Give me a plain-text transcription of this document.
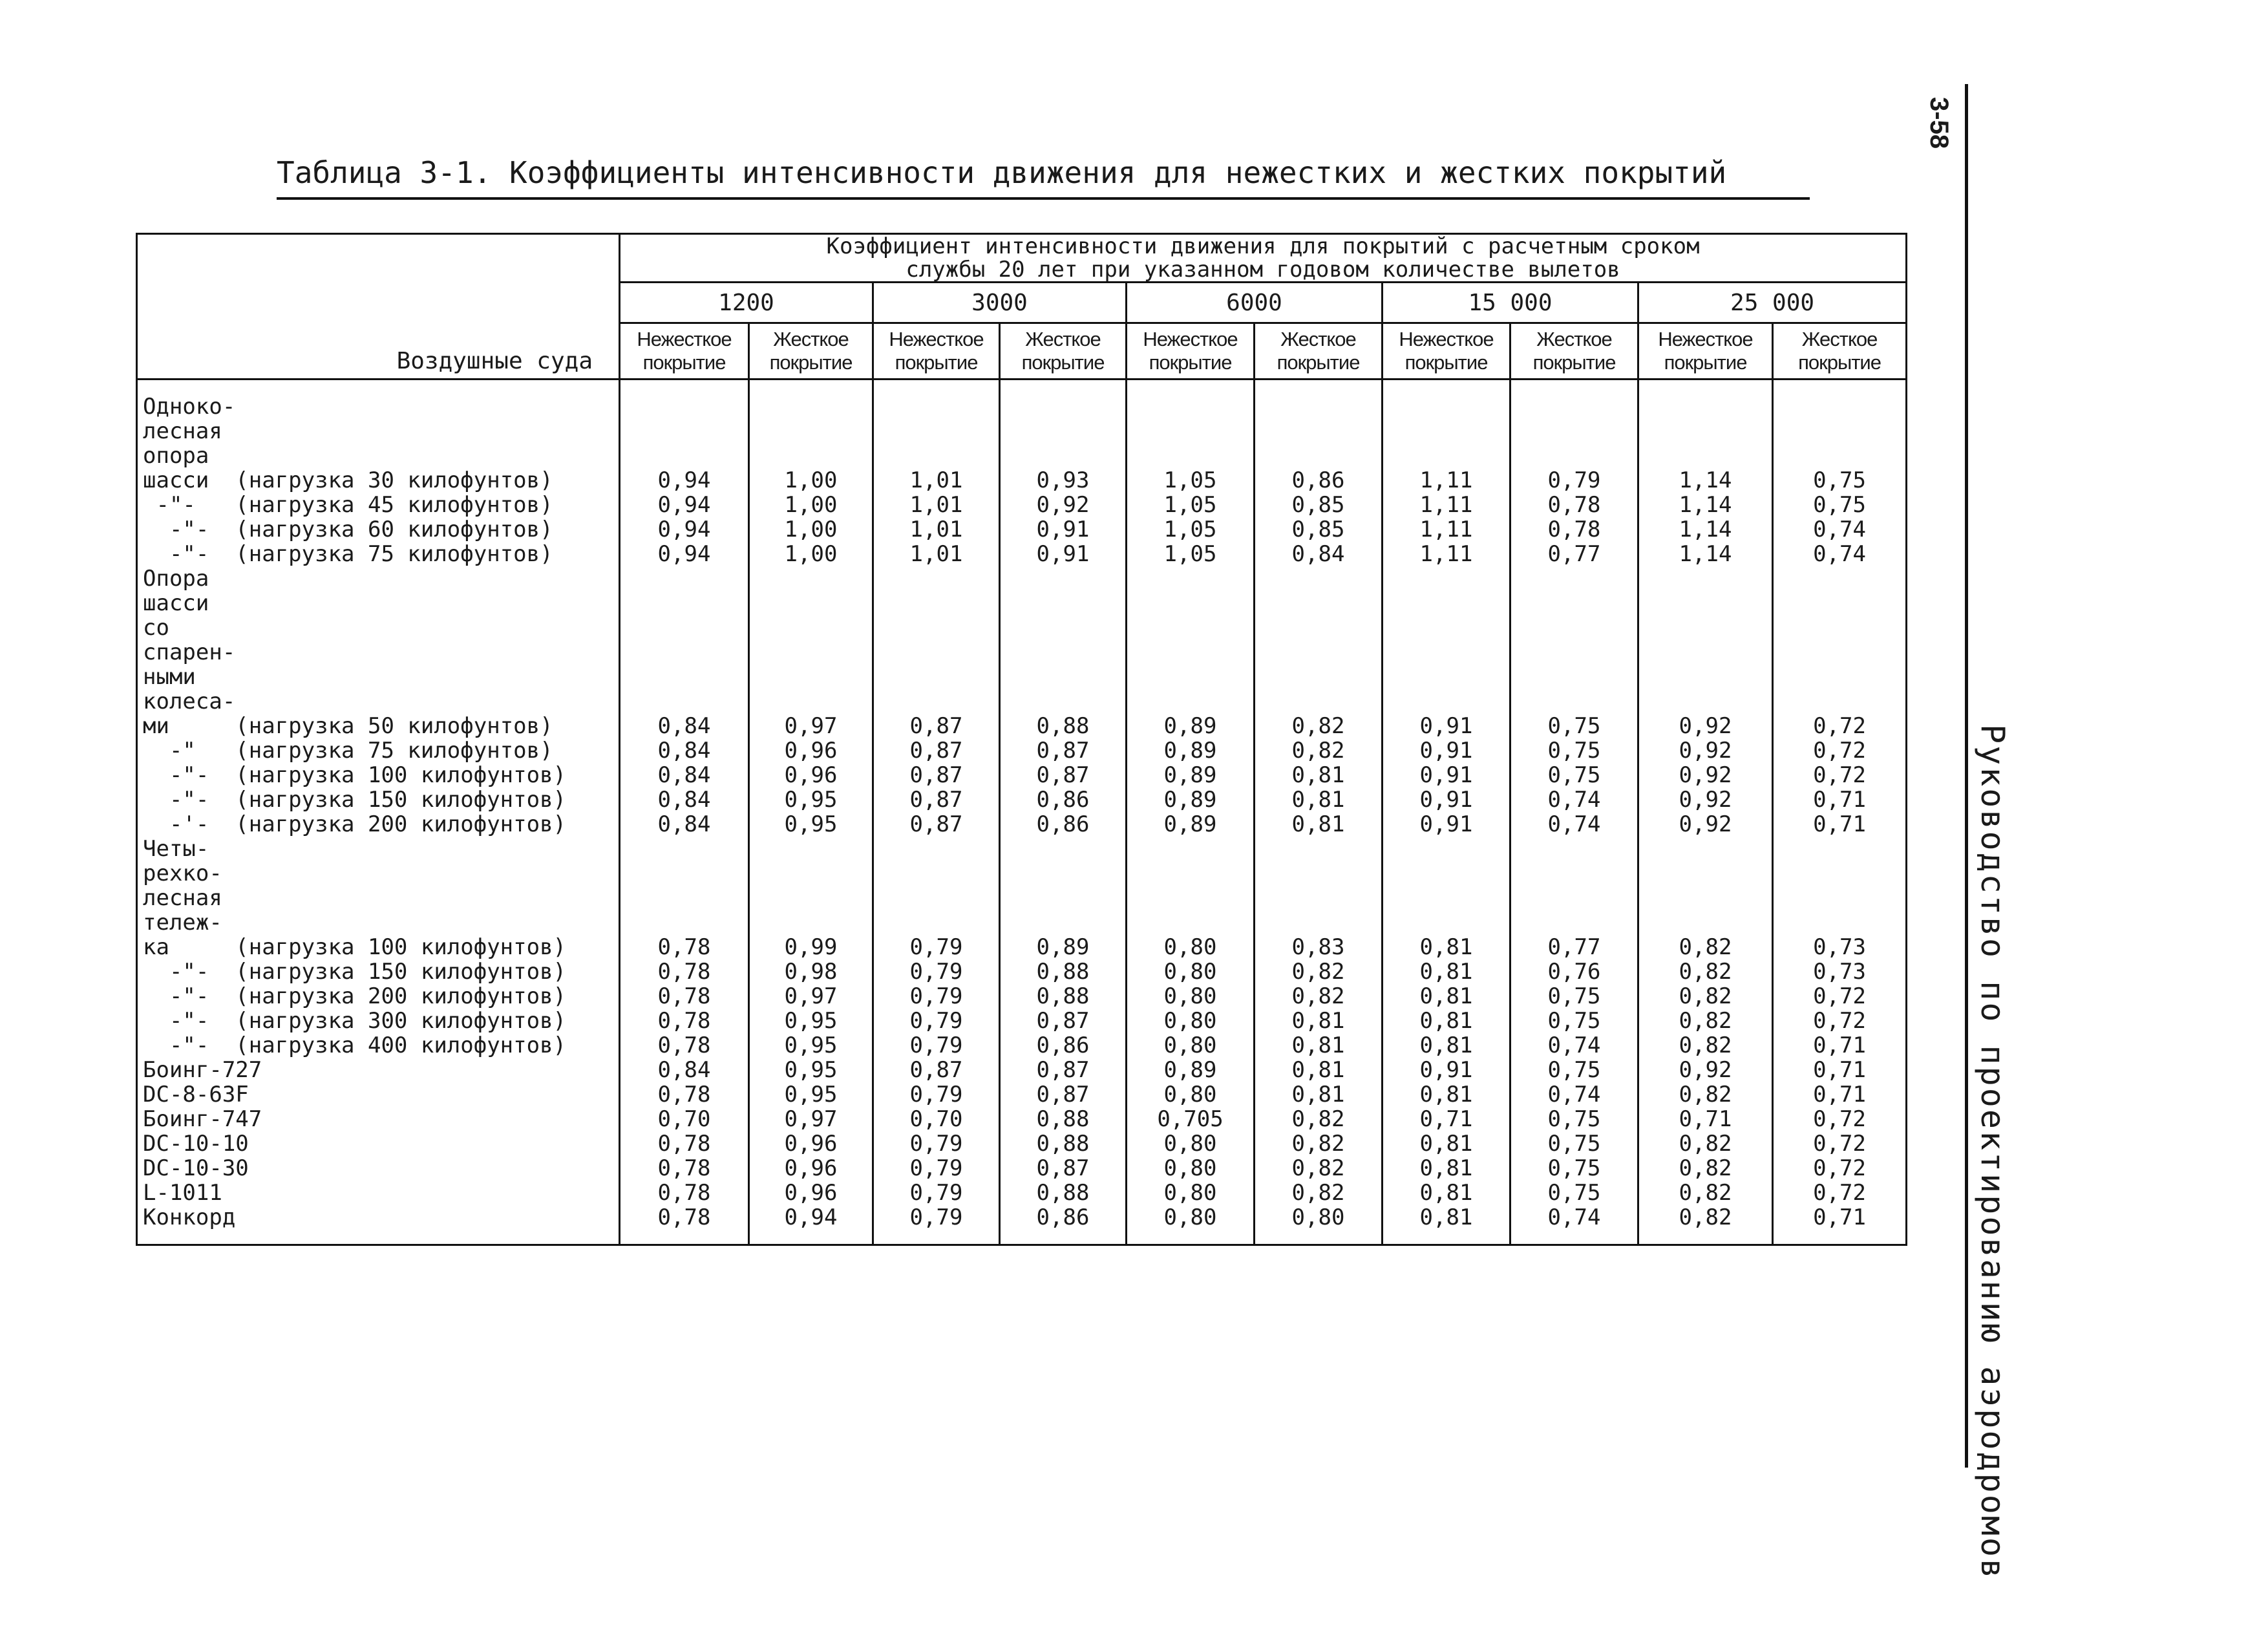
3-58
Руководство по проектированию аэродромов
Таблица 3-1. Коэффициенты интенсивности движения для нежестких и жестких покрытий
Воздушные суда	Коэффициент интенсивности движения для покрытий с расчетным сроком
службы 20 лет при указанном годовом количестве вылетов									

	1200		3000		6000		15 000		25 000	
	Нежесткое покрытие	Жесткое покрытие	Нежесткое покрытие	Жесткое покрытие	Нежесткое покрытие	Жесткое покрытие	Нежесткое покрытие	Жесткое покрытие	Нежесткое покрытие	Жесткое покрытие

Одноко-										
лесная										
опора										
шасси  (нагрузка 30 килофунтов)	0,94	1,00	1,01	0,93	1,05	0,86	1,11	0,79	1,14	0,75
-"-   (нагрузка 45 килофунтов)	0,94	1,00	1,01	0,92	1,05	0,85	1,11	0,78	1,14	0,75
-"-  (нагрузка 60 килофунтов)	0,94	1,00	1,01	0,91	1,05	0,85	1,11	0,78	1,14	0,74
-"-  (нагрузка 75 килофунтов)	0,94	1,00	1,01	0,91	1,05	0,84	1,11	0,77	1,14	0,74
Опора										
шасси										
со										
спарен-										
ными										
колеса-										
ми     (нагрузка 50 килофунтов)	0,84	0,97	0,87	0,88	0,89	0,82	0,91	0,75	0,92	0,72
-"   (нагрузка 75 килофунтов)	0,84	0,96	0,87	0,87	0,89	0,82	0,91	0,75	0,92	0,72
-"-  (нагрузка 100 килофунтов)	0,84	0,96	0,87	0,87	0,89	0,81	0,91	0,75	0,92	0,72
-"-  (нагрузка 150 килофунтов)	0,84	0,95	0,87	0,86	0,89	0,81	0,91	0,74	0,92	0,71
-'-  (нагрузка 200 килофунтов)	0,84	0,95	0,87	0,86	0,89	0,81	0,91	0,74	0,92	0,71
Четы-										
рехко-										
лесная										
тележ-										
ка     (нагрузка 100 килофунтов)	0,78	0,99	0,79	0,89	0,80	0,83	0,81	0,77	0,82	0,73
-"-  (нагрузка 150 килофунтов)	0,78	0,98	0,79	0,88	0,80	0,82	0,81	0,76	0,82	0,73
-"-  (нагрузка 200 килофунтов)	0,78	0,97	0,79	0,88	0,80	0,82	0,81	0,75	0,82	0,72
-"-  (нагрузка 300 килофунтов)	0,78	0,95	0,79	0,87	0,80	0,81	0,81	0,75	0,82	0,72
-"-  (нагрузка 400 килофунтов)	0,78	0,95	0,79	0,86	0,80	0,81	0,81	0,74	0,82	0,71
Боинг-727	0,84	0,95	0,87	0,87	0,89	0,81	0,91	0,75	0,92	0,71
DC-8-63F	0,78	0,95	0,79	0,87	0,80	0,81	0,81	0,74	0,82	0,71
Боинг-747	0,70	0,97	0,70	0,88	0,705	0,82	0,71	0,75	0,71	0,72
DC-10-10	0,78	0,96	0,79	0,88	0,80	0,82	0,81	0,75	0,82	0,72
DC-10-30	0,78	0,96	0,79	0,87	0,80	0,82	0,81	0,75	0,82	0,72
L-1011	0,78	0,96	0,79	0,88	0,80	0,82	0,81	0,75	0,82	0,72
Конкорд	0,78	0,94	0,79	0,86	0,80	0,80	0,81	0,74	0,82	0,71
